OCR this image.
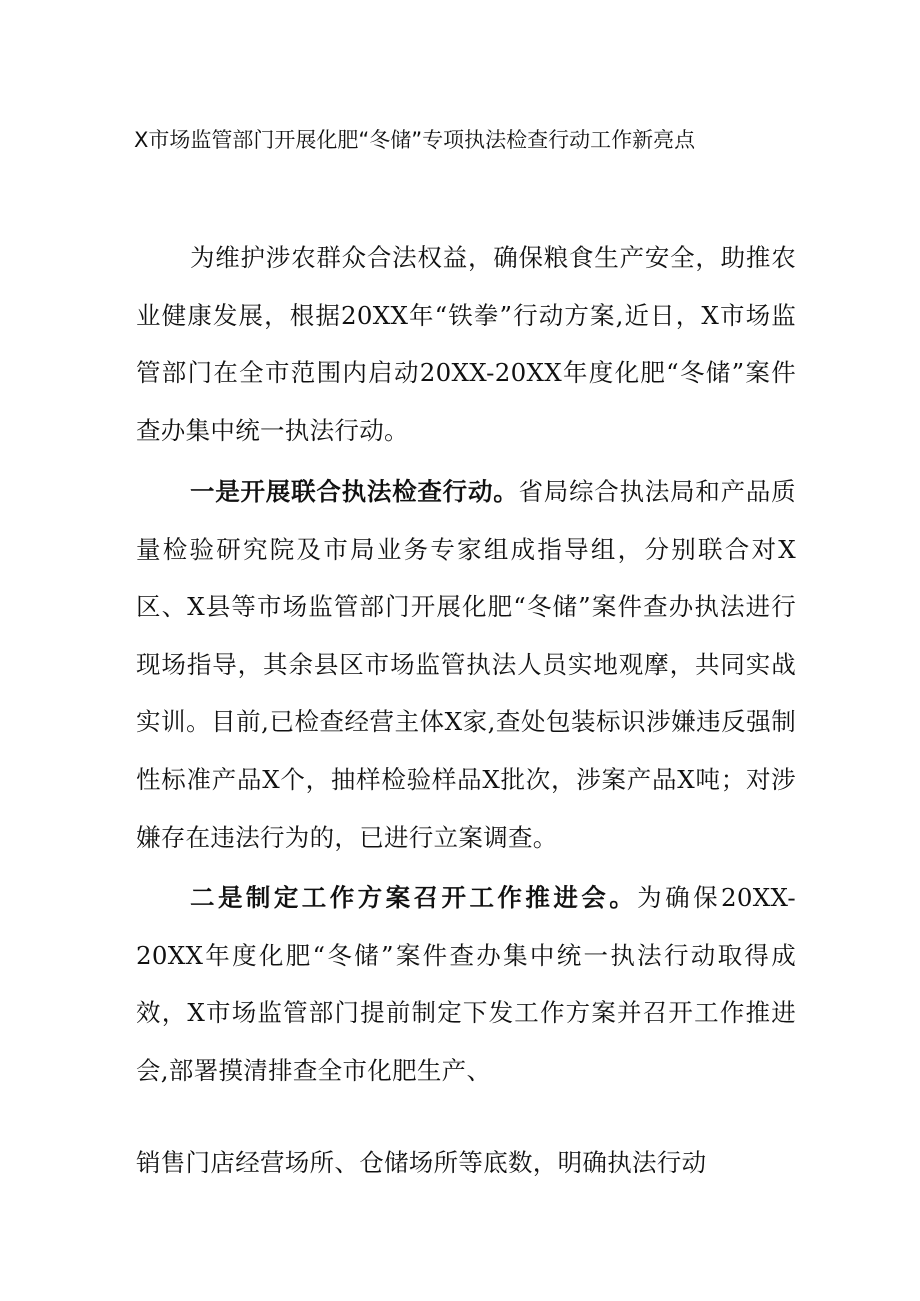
X市场监管部门开展化肥“冬储”专项执法检查行动工作新亮点

为维护涉农群众合法权益，确保粮食生产安全，助推农业健康发展，根据20XX年“铁拳”行动方案,近日，X市场监管部门在全市范围内启动20XX-20XX年度化肥“冬储”案件查办集中统一执法行动。

一是开展联合执法检查行动。省局综合执法局和产品质量检验研究院及市局业务专家组成指导组，分别联合对X区、X县等市场监管部门开展化肥“冬储”案件查办执法进行现场指导，其余县区市场监管执法人员实地观摩，共同实战实训。目前,已检查经营主体X家,查处包装标识涉嫌违反强制性标准产品X个，抽样检验样品X批次，涉案产品X吨；对涉嫌存在违法行为的，已进行立案调查。

二是制定工作方案召开工作推进会。为确保20XX-20XX年度化肥“冬储”案件查办集中统一执法行动取得成效，X市场监管部门提前制定下发工作方案并召开工作推进会,部署摸清排查全市化肥生产、

销售门店经营场所、仓储场所等底数，明确执法行动
